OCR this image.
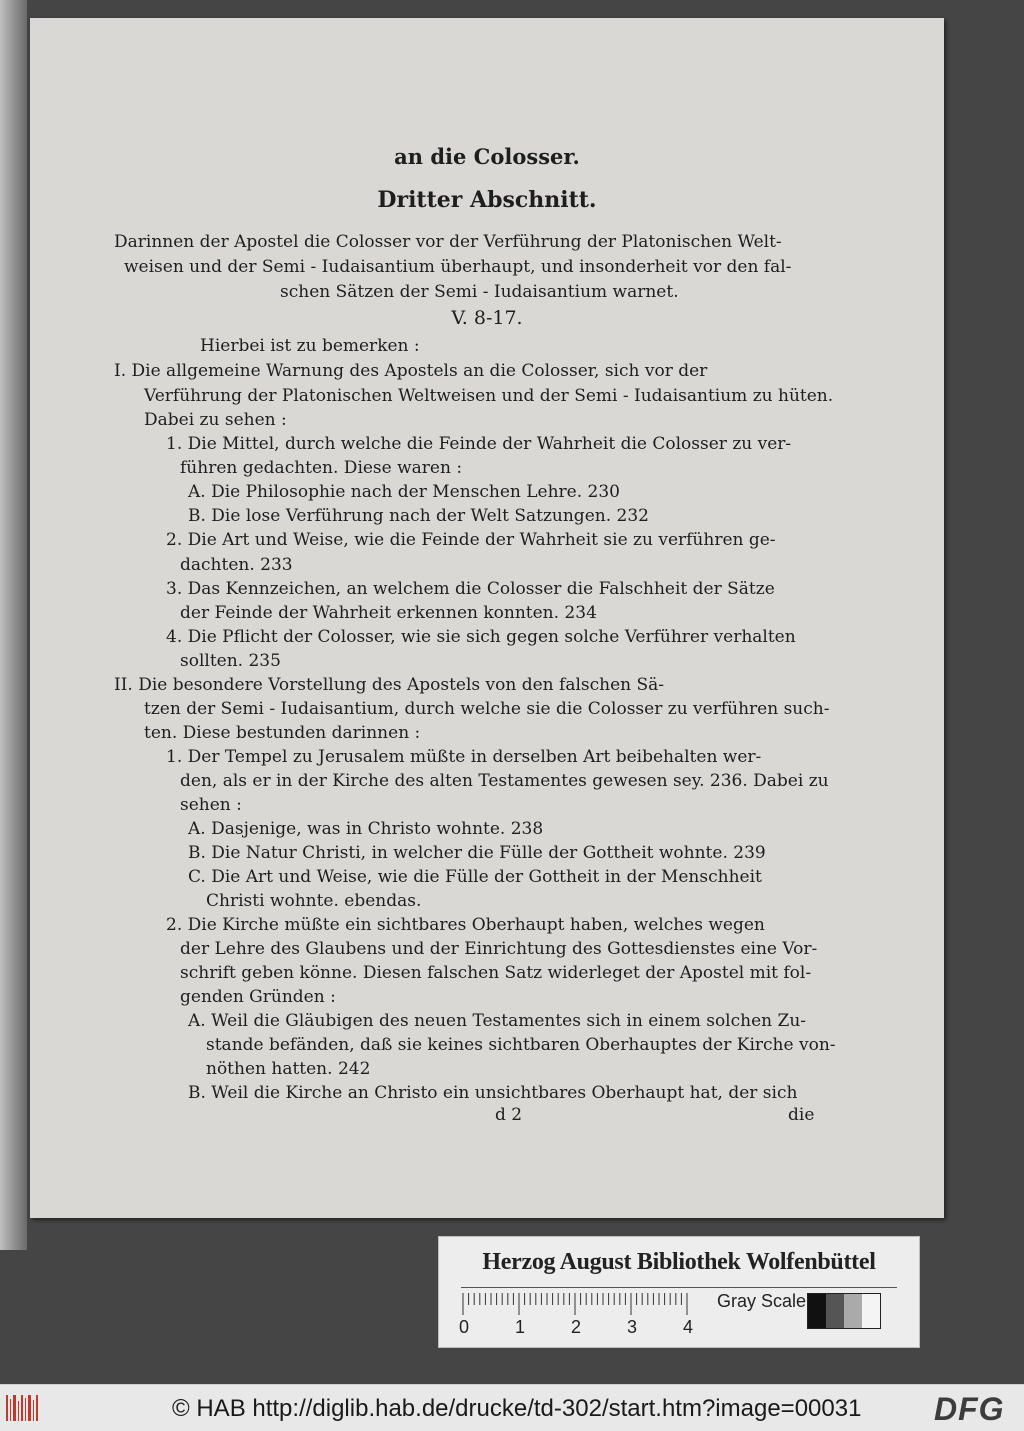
an die Colosser.
Dritter Abschnitt.
Darinnen der Apostel die Colosser vor der Verführung der Platonischen Welt-
weisen und der Semi - Iudaisantium überhaupt, und insonderheit vor den fal-
schen Sätzen der Semi - Iudaisantium warnet.
V. 8-17.
Hierbei ist zu bemerken :
I. Die allgemeine Warnung des Apostels an die Colosser, sich vor der
Verführung der Platonischen Weltweisen und der Semi - Iudaisantium zu hüten.
Dabei zu sehen :
1. Die Mittel, durch welche die Feinde der Wahrheit die Colosser zu ver-
führen gedachten. Diese waren :
A. Die Philosophie nach der Menschen Lehre. 230
B. Die lose Verführung nach der Welt Satzungen. 232
2. Die Art und Weise, wie die Feinde der Wahrheit sie zu verführen ge-
dachten. 233
3. Das Kennzeichen, an welchem die Colosser die Falschheit der Sätze
der Feinde der Wahrheit erkennen konnten. 234
4. Die Pflicht der Colosser, wie sie sich gegen solche Verführer verhalten
sollten. 235
II. Die besondere Vorstellung des Apostels von den falschen Sä-
tzen der Semi - Iudaisantium, durch welche sie die Colosser zu verführen such-
ten. Diese bestunden darinnen :
1. Der Tempel zu Jerusalem müßte in derselben Art beibehalten wer-
den, als er in der Kirche des alten Testamentes gewesen sey. 236. Dabei zu
sehen :
A. Dasjenige, was in Christo wohnte. 238
B. Die Natur Christi, in welcher die Fülle der Gottheit wohnte. 239
C. Die Art und Weise, wie die Fülle der Gottheit in der Menschheit
Christi wohnte. ebendas.
2. Die Kirche müßte ein sichtbares Oberhaupt haben, welches wegen
der Lehre des Glaubens und der Einrichtung des Gottesdienstes eine Vor-
schrift geben könne. Diesen falschen Satz widerleget der Apostel mit fol-
genden Gründen :
A. Weil die Gläubigen des neuen Testamentes sich in einem solchen Zu-
stande befänden, daß sie keines sichtbaren Oberhauptes der Kirche von-
nöthen hatten. 242
B. Weil die Kirche an Christo ein unsichtbares Oberhaupt hat, der sich
d 2	die
Herzog August Bibliothek Wolfenbüttel
0	1	2	3	4
Gray Scale
© HAB http://diglib.hab.de/drucke/td-302/start.htm?image=00031 DFG
